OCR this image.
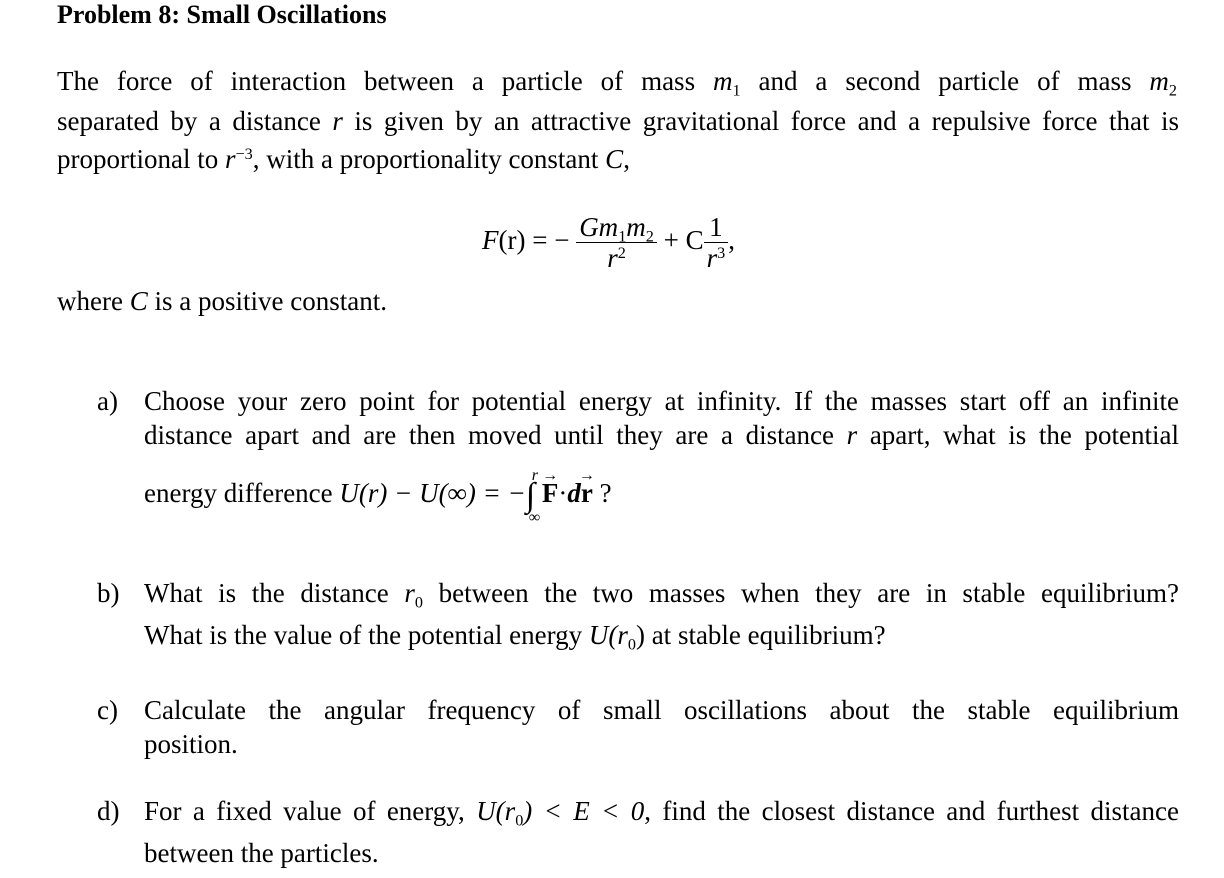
Problem 8: Small Oscillations
The force of interaction between a particle of mass $m_1$ and a second particle of mass $m_2$
separated by a distance r is given by an attractive gravitational force and a repulsive force that is
proportional to $r^{-3}$, with a proportionality constant C,
F(r) = − $\frac{Gm_1m_2}{r^2} + C \frac{1}{r^3}$ ,
where C is a positive constant.
a) Choose your zero point for potential energy at infinity. If the masses start off an infinite
distance apart and are then moved until they are a distance r apart, what is the potential
energy difference U(r) − U(∞) = −∫
r
∞
→ F·d→ r ?
b) What is the distance $r_0$ between the two masses when they are in stable equilibrium?
What is the value of the potential energy $U(r_0)$ at stable equilibrium?
c) Calculate the angular frequency of small oscillations about the stable equilibrium
position.
d) For a fixed value of energy, $U(r_0) < E < 0$, find the closest distance and furthest distance
between the particles.
